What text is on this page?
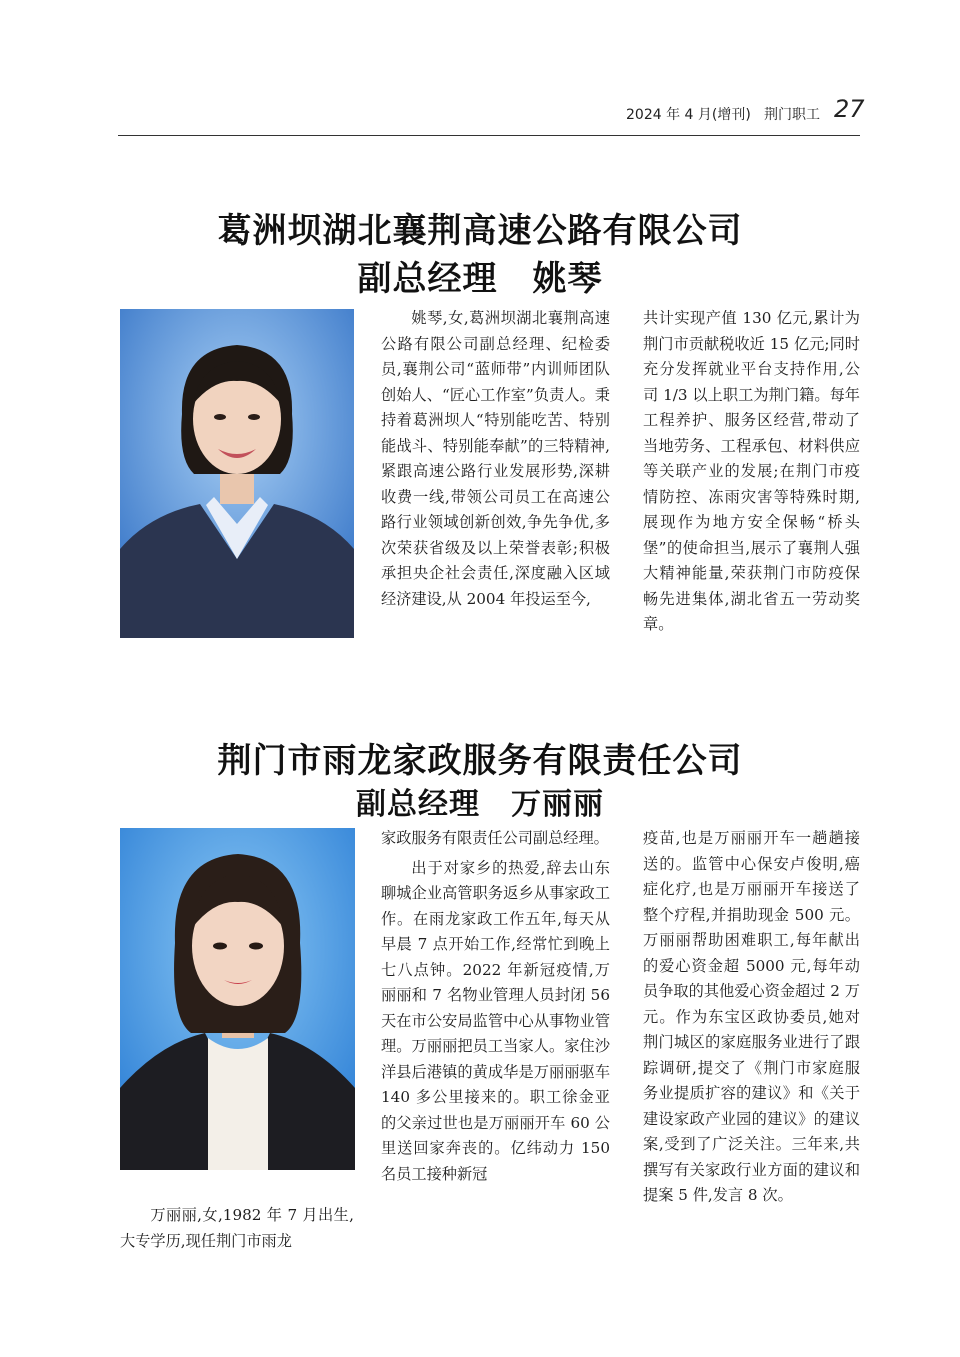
2024 年 4 月(增刊) 荆门职工 27
葛洲坝湖北襄荆高速公路有限公司
副总经理　姚琴

姚琴,女,葛洲坝湖北襄荆高速公路有限公司副总经理、纪检委员,襄荆公司“蓝师带”内训师团队创始人、“匠心工作室”负责人。秉持着葛洲坝人“特别能吃苦、特别能战斗、特别能奉献”的三特精神,紧跟高速公路行业发展形势,深耕收费一线,带领公司员工在高速公路行业领域创新创效,争先争优,多次荣获省级及以上荣誉表彰;积极承担央企社会责任,深度融入区域经济建设,从 2004 年投运至今,

共计实现产值 130 亿元,累计为荆门市贡献税收近 15 亿元;同时充分发挥就业平台支持作用,公司 1/3 以上职工为荆门籍。每年工程养护、服务区经营,带动了当地劳务、工程承包、材料供应等关联产业的发展;在荆门市疫情防控、冻雨灾害等特殊时期,展现作为地方安全保畅“桥头堡”的使命担当,展示了襄荆人强大精神能量,荣获荆门市防疫保畅先进集体,湖北省五一劳动奖章。

荆门市雨龙家政服务有限责任公司
副总经理　万丽丽

万丽丽,女,1982 年 7 月出生,大专学历,现任荆门市雨龙

家政服务有限责任公司副总经理。

出于对家乡的热爱,辞去山东聊城企业高管职务返乡从事家政工作。在雨龙家政工作五年,每天从早晨 7 点开始工作,经常忙到晚上七八点钟。2022 年新冠疫情,万丽丽和 7 名物业管理人员封闭 56 天在市公安局监管中心从事物业管理。万丽丽把员工当家人。家住沙洋县后港镇的黄成华是万丽丽驱车 140 多公里接来的。职工徐金亚的父亲过世也是万丽丽开车 60 公里送回家奔丧的。亿纬动力 150 名员工接种新冠

疫苗,也是万丽丽开车一趟趟接送的。监管中心保安卢俊明,癌症化疗,也是万丽丽开车接送了整个疗程,并捐助现金 500 元。万丽丽帮助困难职工,每年献出的爱心资金超 5000 元,每年动员争取的其他爱心资金超过 2 万元。作为东宝区政协委员,她对荆门城区的家庭服务业进行了跟踪调研,提交了《荆门市家庭服务业提质扩容的建议》和《关于建设家政产业园的建议》的建议案,受到了广泛关注。三年来,共撰写有关家政行业方面的建议和提案 5 件,发言 8 次。
